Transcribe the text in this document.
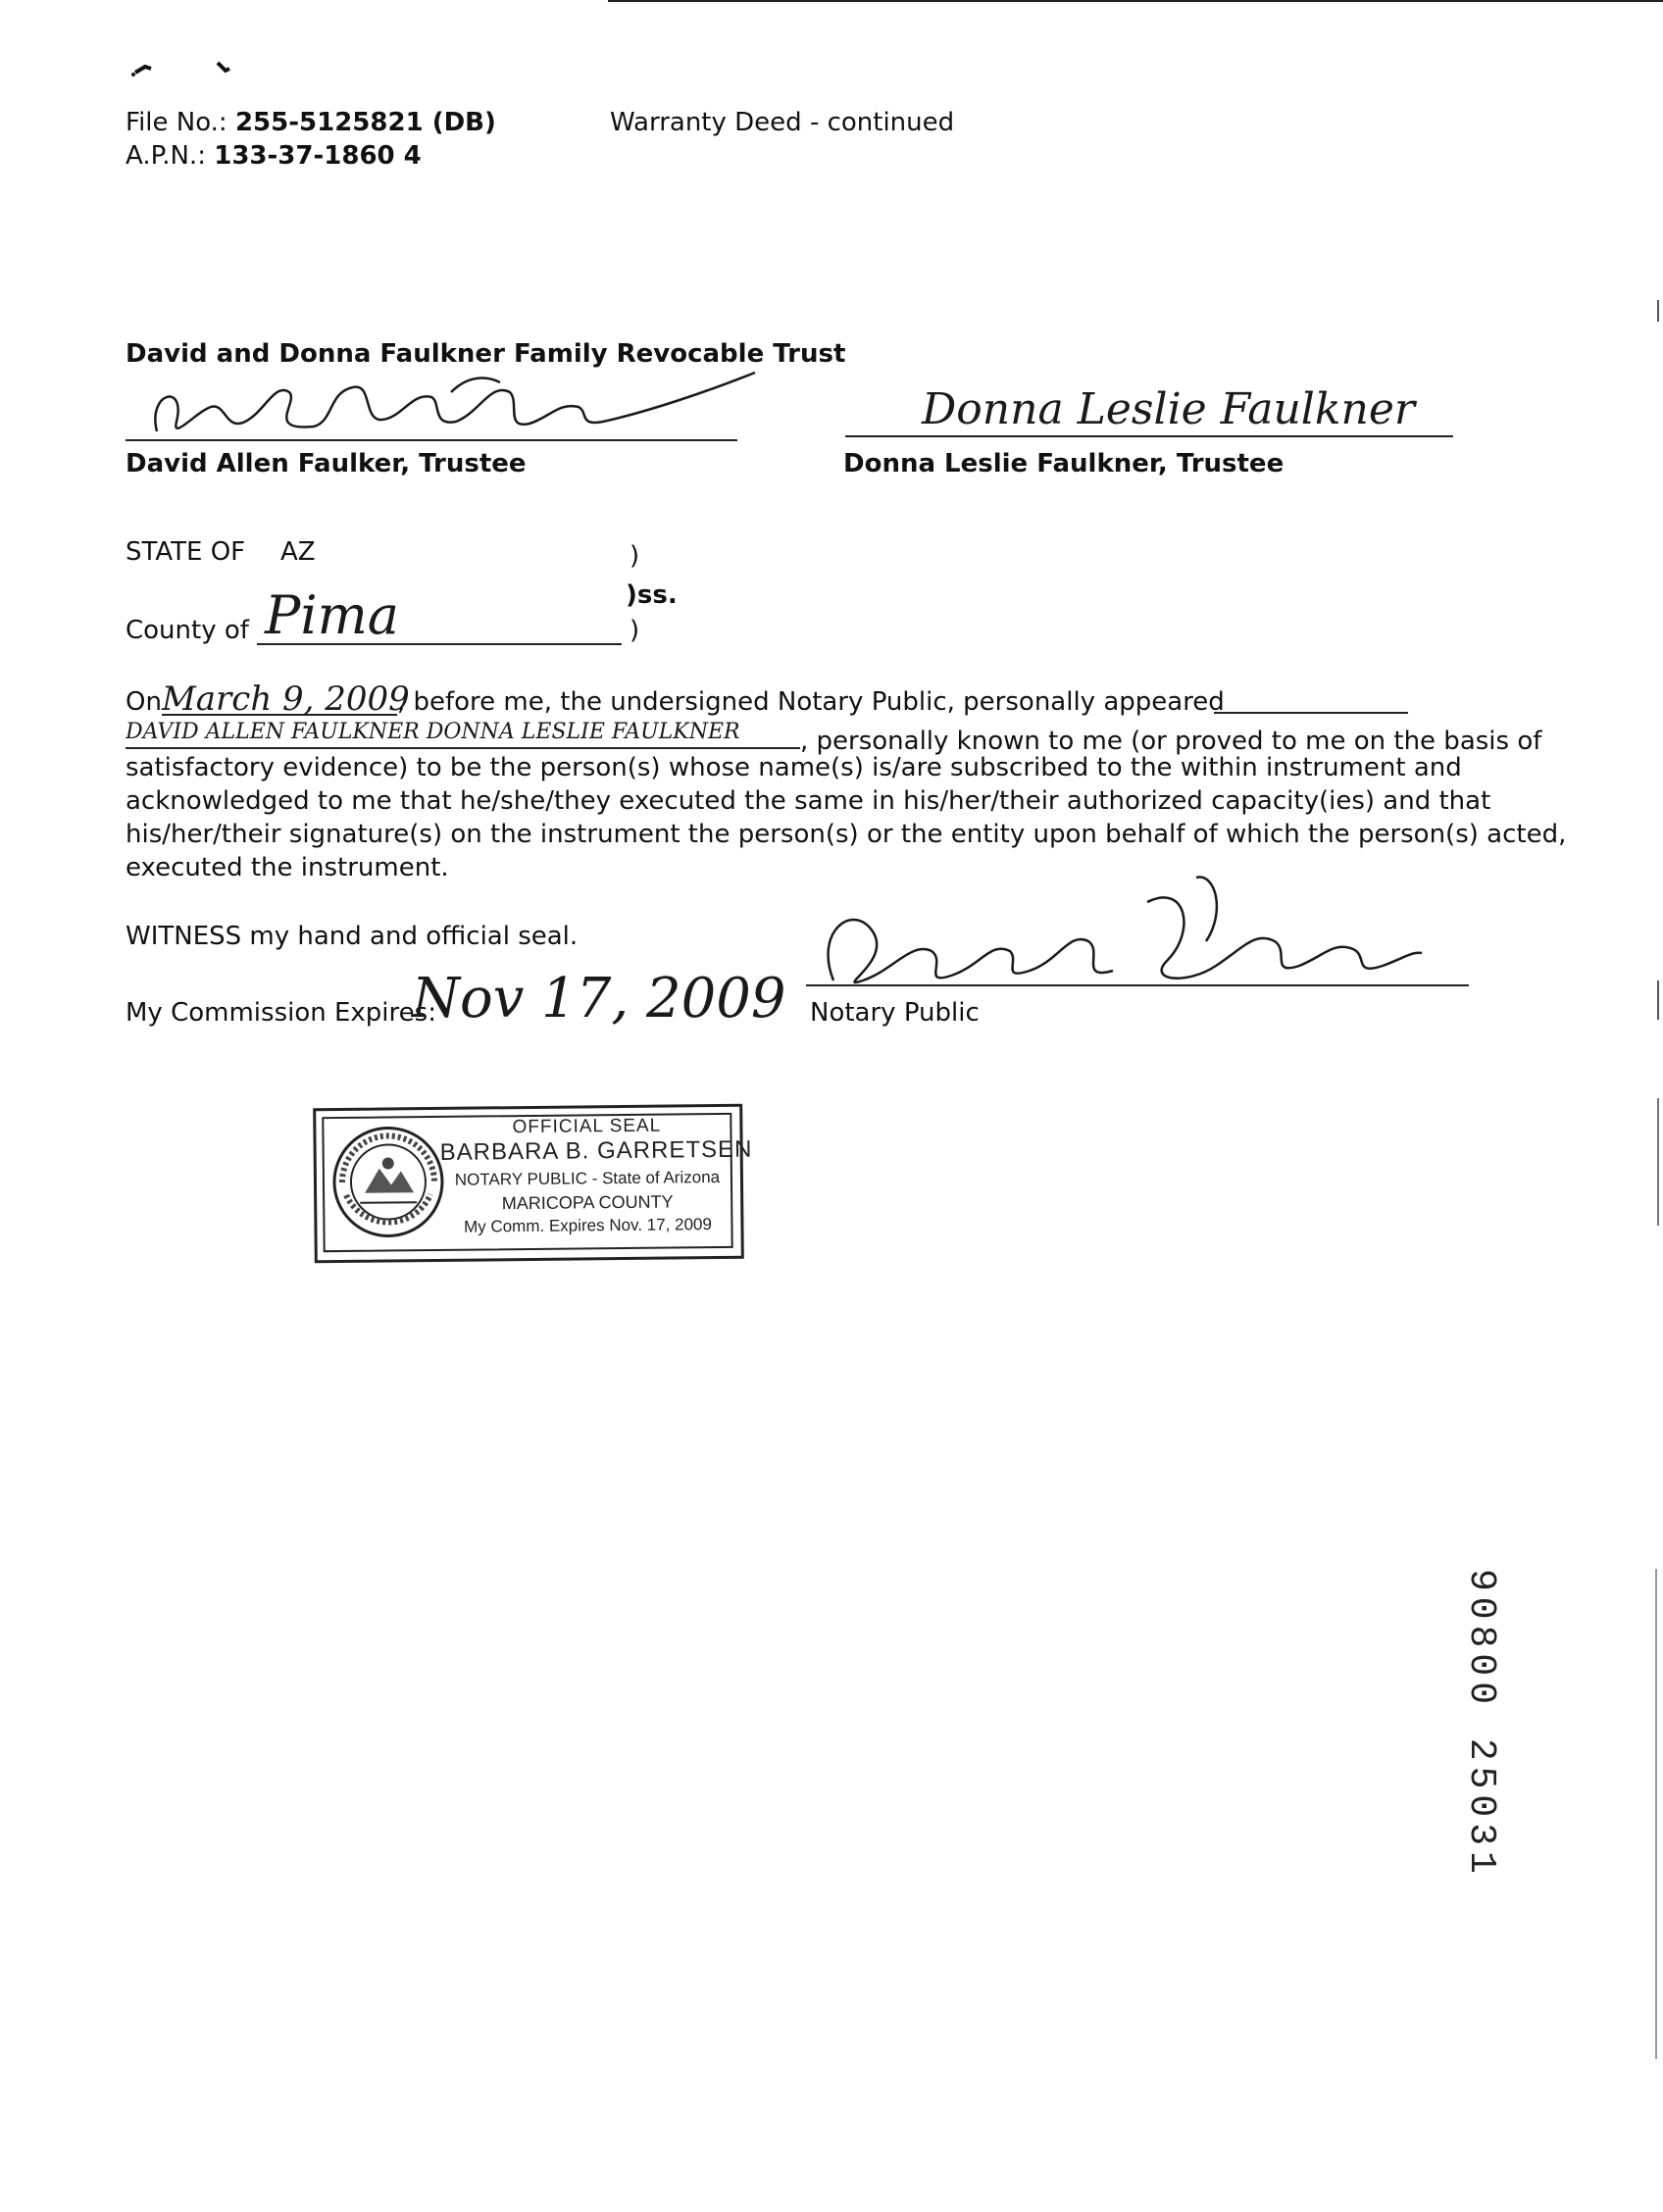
File No.: 255-5125821 (DB)
A.P.N.: 133-37-1860 4
Warranty Deed - continued
David and Donna Faulkner Family Revocable Trust
David Allen Faulker, Trustee
Donna Leslie Faulkner
Donna Leslie Faulkner, Trustee
STATE OF AZ	)
)ss.
County of Pima	)
OnMarch 9, 2009, before me, the undersigned Notary Public, personally appeared
DAVID ALLEN FAULKNER DONNA LESLIE FAULKNER , personally known to me (or proved to me on the basis of
satisfactory evidence) to be the person(s) whose name(s) is/are subscribed to the within instrument and
acknowledged to me that he/she/they executed the same in his/her/their authorized capacity(ies) and that
his/her/their signature(s) on the instrument the person(s) or the entity upon behalf of which the person(s) acted,
executed the instrument.
WITNESS my hand and official seal.
My Commission Expires:
Nov 17, 2009 Notary Public
OFFICIAL SEAL
BARBARA B. GARRETSEN
NOTARY PUBLIC - State of Arizona
MARICOPA COUNTY
My Comm. Expires Nov. 17, 2009
90800 25031
